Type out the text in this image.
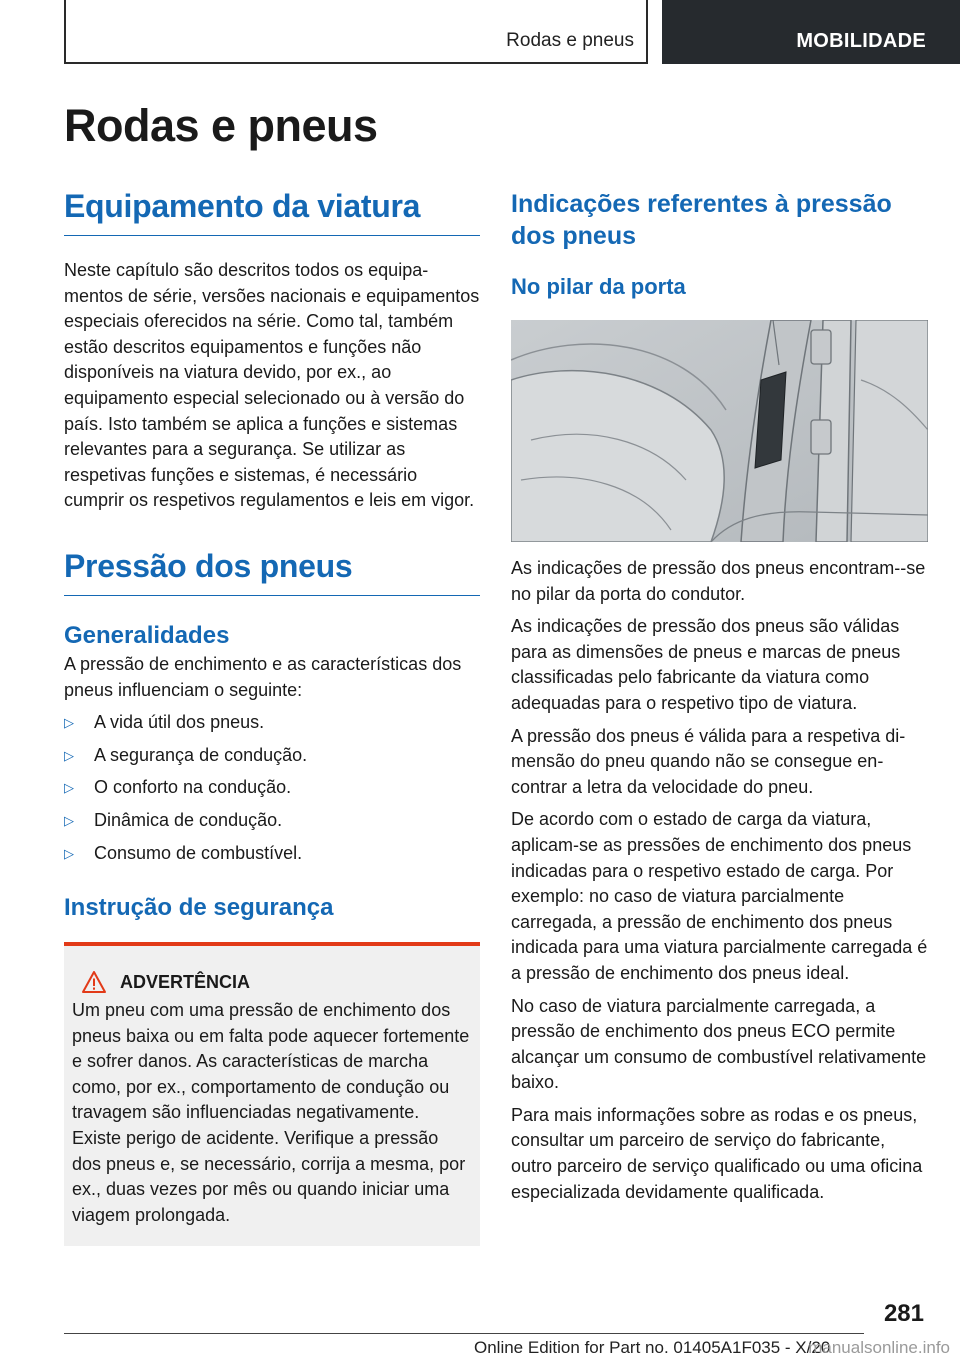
Rodas e pneus	MOBILIDADE
Rodas e pneus
Equipamento da viatura

Neste capítulo são descritos todos os equipamentos de série, versões nacionais e equipamentos especiais oferecidos na série. Como tal, também estão descritos equipamentos e funções não disponíveis na viatura devido, por ex., ao equipamento especial selecionado ou à versão do país. Isto também se aplica a funções e sistemas relevantes para a segurança. Se utilizar as respetivas funções e sistemas, é necessário cumprir os respetivos regulamentos e leis em vigor.

Pressão dos pneus
Generalidades

A pressão de enchimento e as características dos pneus influenciam o seguinte:

▷ A vida útil dos pneus.
▷ A segurança de condução.
▷ O conforto na condução.
▷ Dinâmica de condução.
▷ Consumo de combustível.
Instrução de segurança
ADVERTÊNCIA

Um pneu com uma pressão de enchimento dos pneus baixa ou em falta pode aquecer fortemente e sofrer danos. As características de marcha como, por ex., comportamento de condução ou travagem são influenciadas negativamente. Existe perigo de acidente. Verifique a pressão dos pneus e, se necessário, corrija a mesma, por ex., duas vezes por mês ou quando iniciar uma viagem prolongada.

Indicações referentes à pressão dos pneus
No pilar da porta

As indicações de pressão dos pneus encontram--se no pilar da porta do condutor.

As indicações de pressão dos pneus são válidas para as dimensões de pneus e marcas de pneus classificadas pelo fabricante da viatura como adequadas para o respetivo tipo de viatura.

A pressão dos pneus é válida para a respetiva dimensão do pneu quando não se consegue encontrar a letra da velocidade do pneu.

De acordo com o estado de carga da viatura, aplicam-se as pressões de enchimento dos pneus indicadas para o respetivo estado de carga. Por exemplo: no caso de viatura parcialmente carregada, a pressão de enchimento dos pneus indicada para uma viatura parcialmente carregada é a pressão de enchimento dos pneus ideal.

No caso de viatura parcialmente carregada, a pressão de enchimento dos pneus ECO permite alcançar um consumo de combustível relativamente baixo.

Para mais informações sobre as rodas e os pneus, consultar um parceiro de serviço do fabricante, outro parceiro de serviço qualificado ou uma oficina especializada devidamente qualificada.

281
Online Edition for Part no. 01405A1F035 - X/20
manualsonline.info
